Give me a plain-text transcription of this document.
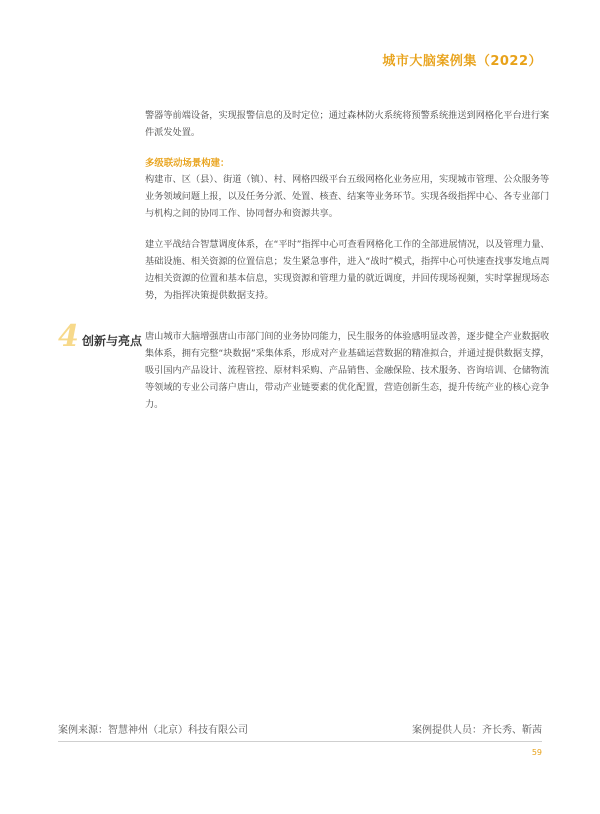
城市大脑案例集（2022）

警器等前端设备，实现报警信息的及时定位；通过森林防火系统将预警系统推送到网格化平台进行案件派发处置。

多级联动场景构建：

构建市、区（县）、街道（镇）、村、网格四级平台五级网格化业务应用，实现城市管理、公众服务等业务领域问题上报，以及任务分派、处置、核查、结案等业务环节。实现各级指挥中心、各专业部门与机构之间的协同工作、协同督办和资源共享。

建立平战结合智慧调度体系，在“平时”指挥中心可查看网格化工作的全部进展情况，以及管理力量、基础设施、相关资源的位置信息；发生紧急事件，进入“战时”模式，指挥中心可快速查找事发地点周边相关资源的位置和基本信息，实现资源和管理力量的就近调度，并回传现场视频，实时掌握现场态势，为指挥决策提供数据支持。

4 创新与亮点 唐山城市大脑增强唐山市部门间的业务协同能力，民生服务的体验感明显改善，逐步健全产业数据收集体系，拥有完整“块数据”采集体系，形成对产业基础运营数据的精准拟合，并通过提供数据支撑，吸引国内产品设计、流程管控、原材料采购、产品销售、金融保险、技术服务、咨询培训、仓储物流等领域的专业公司落户唐山，带动产业链要素的优化配置，营造创新生态，提升传统产业的核心竞争力。

案例来源：智慧神州（北京）科技有限公司	案例提供人员：齐长秀、靳茜
59
